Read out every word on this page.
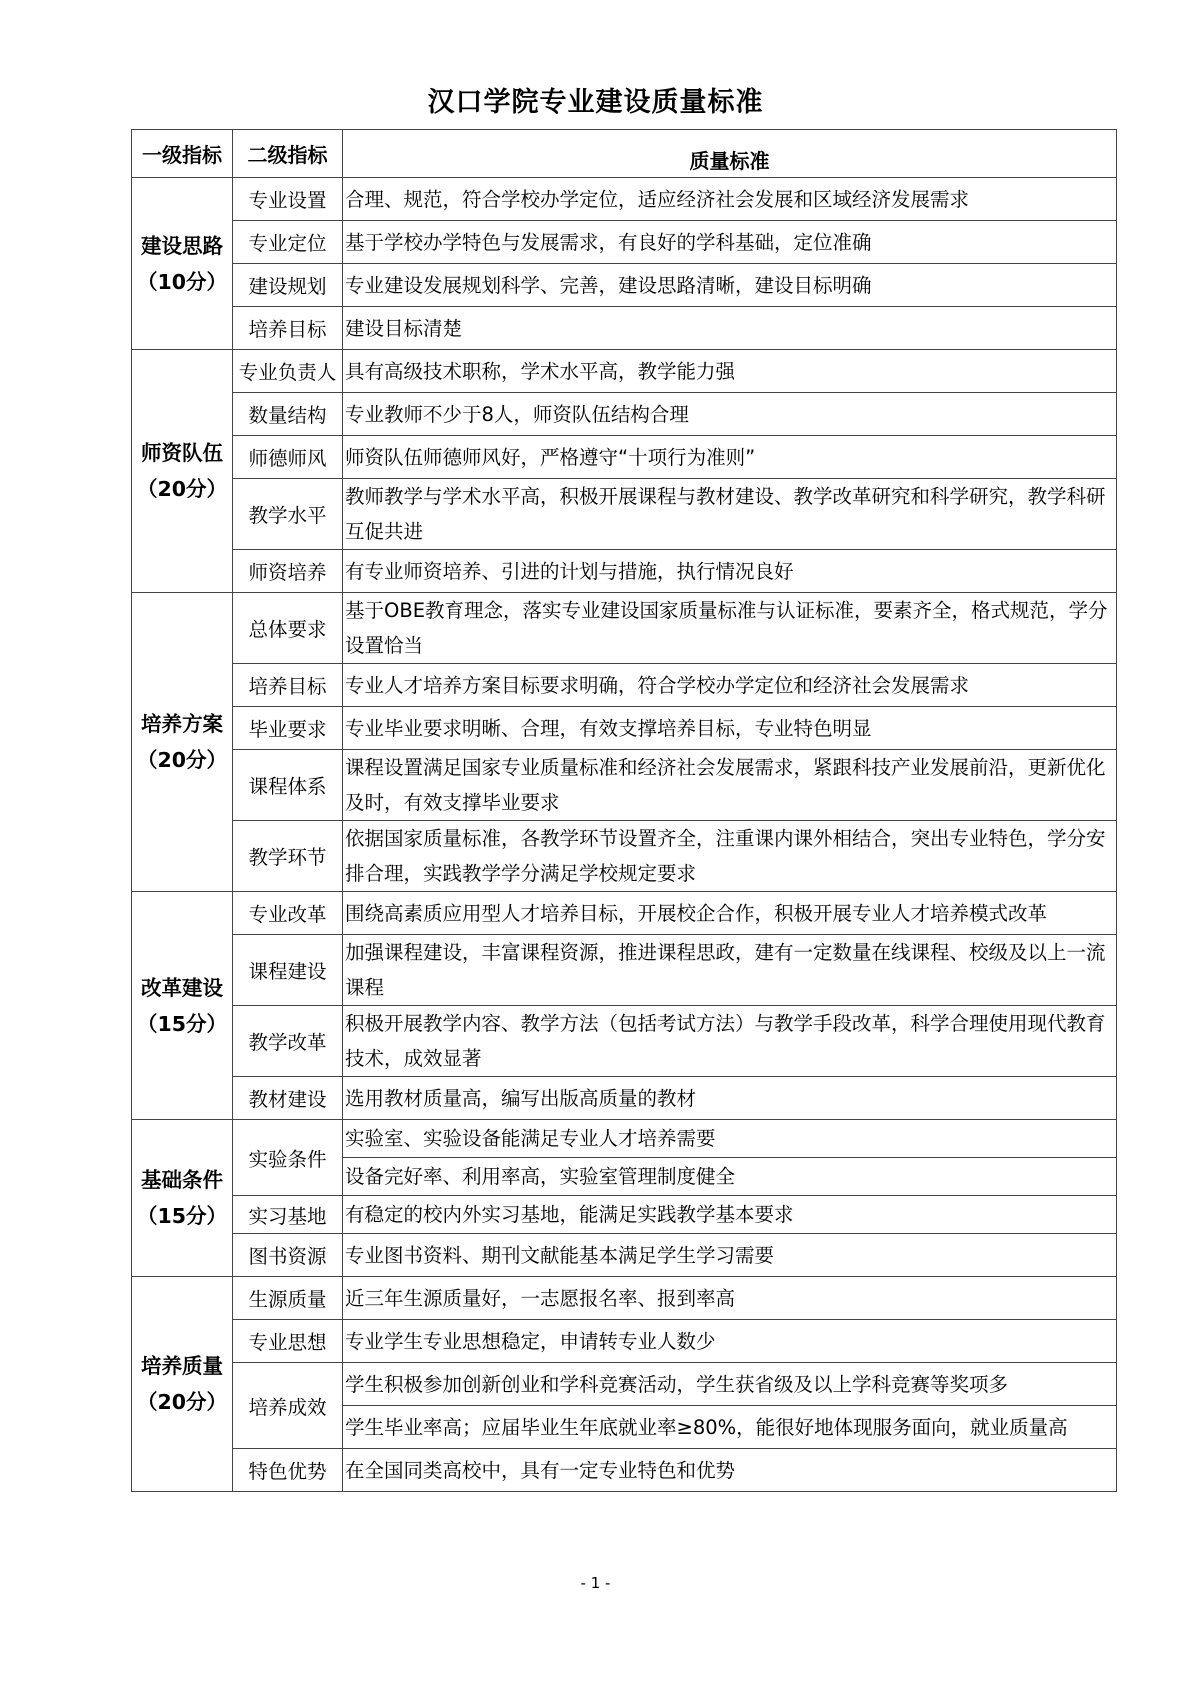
汉口学院专业建设质量标准
一级指标	二级指标	质量标准
建设思路
（10分）	专业设置	合理、规范，符合学校办学定位，适应经济社会发展和区域经济发展需求
	专业定位	基于学校办学特色与发展需求，有良好的学科基础，定位准确
	建设规划	专业建设发展规划科学、完善，建设思路清晰，建设目标明确
	培养目标	建设目标清楚
师资队伍
（20分）	专业负责人	具有高级技术职称，学术水平高，教学能力强
	数量结构	专业教师不少于8人，师资队伍结构合理
	师德师风	师资队伍师德师风好，严格遵守“十项行为准则”
	教学水平	教师教学与学术水平高，积极开展课程与教材建设、教学改革研究和科学研究，教学科研互促共进
	师资培养	有专业师资培养、引进的计划与措施，执行情况良好
培养方案
（20分）	总体要求	基于OBE教育理念，落实专业建设国家质量标准与认证标准，要素齐全，格式规范，学分设置恰当
	培养目标	专业人才培养方案目标要求明确，符合学校办学定位和经济社会发展需求
	毕业要求	专业毕业要求明晰、合理，有效支撑培养目标，专业特色明显
	课程体系	课程设置满足国家专业质量标准和经济社会发展需求，紧跟科技产业发展前沿，更新优化及时，有效支撑毕业要求
	教学环节	依据国家质量标准，各教学环节设置齐全，注重课内课外相结合，突出专业特色，学分安排合理，实践教学学分满足学校规定要求
改革建设
（15分）	专业改革	围绕高素质应用型人才培养目标，开展校企合作，积极开展专业人才培养模式改革
	课程建设	加强课程建设，丰富课程资源，推进课程思政，建有一定数量在线课程、校级及以上一流课程
	教学改革	积极开展教学内容、教学方法（包括考试方法）与教学手段改革，科学合理使用现代教育技术，成效显著
	教材建设	选用教材质量高，编写出版高质量的教材
基础条件
（15分）	实验条件	实验室、实验设备能满足专业人才培养需要
		设备完好率、利用率高，实验室管理制度健全
	实习基地	有稳定的校内外实习基地，能满足实践教学基本要求
	图书资源	专业图书资料、期刊文献能基本满足学生学习需要
培养质量
（20分）	生源质量	近三年生源质量好，一志愿报名率、报到率高
	专业思想	专业学生专业思想稳定，申请转专业人数少
	培养成效	学生积极参加创新创业和学科竞赛活动，学生获省级及以上学科竞赛等奖项多
		学生毕业率高；应届毕业生年底就业率≥80%，能很好地体现服务面向，就业质量高
	特色优势	在全国同类高校中，具有一定专业特色和优势
- 1 -
